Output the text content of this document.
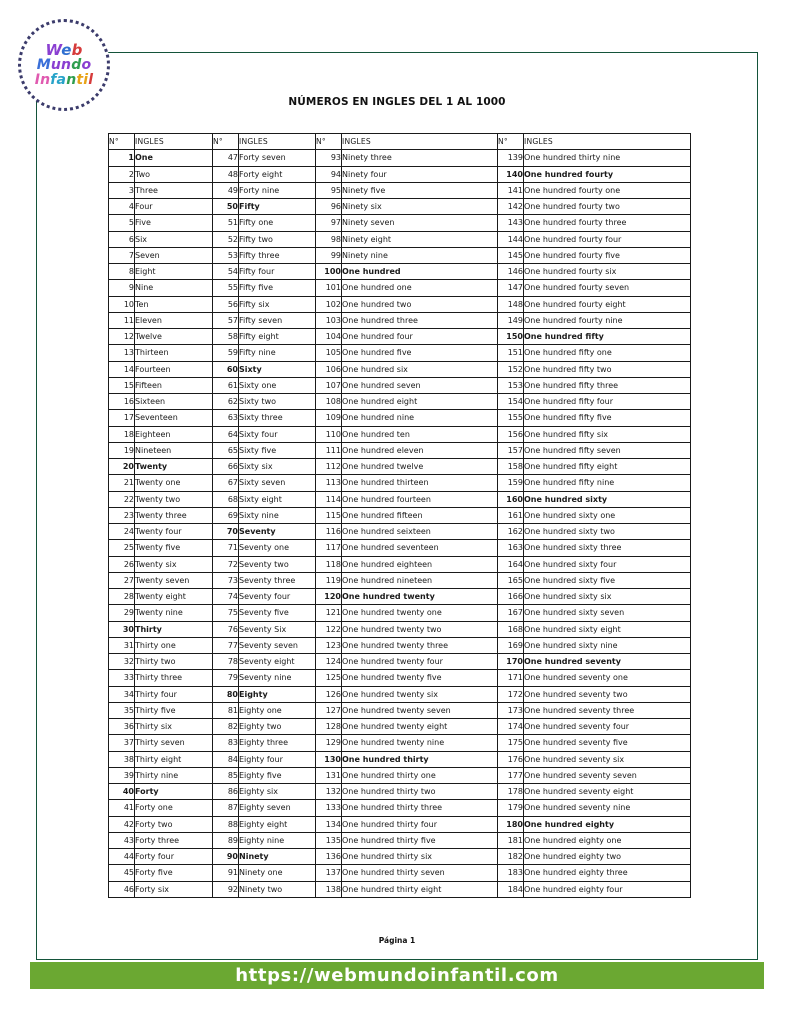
Web
Mundo
Infantil
NÚMEROS EN INGLES DEL 1 AL 1000
N°	INGLES	N°	INGLES	N°	INGLES	N°	INGLES
1	One	47	Forty seven	93	Ninety three	139	One hundred thirty nine
2	Two	48	Forty eight	94	Ninety four	140	One hundred fourty
3	Three	49	Forty nine	95	Ninety five	141	One hundred fourty one
4	Four	50	Fifty	96	Ninety six	142	One hundred fourty two
5	Five	51	Fifty one	97	Ninety seven	143	One hundred fourty three
6	Six	52	Fifty two	98	Ninety eight	144	One hundred fourty four
7	Seven	53	Fifty three	99	Ninety nine	145	One hundred fourty five
8	Eight	54	Fifty four	100	One hundred	146	One hundred fourty six
9	Nine	55	Fifty five	101	One hundred one	147	One hundred fourty seven
10	Ten	56	Fifty six	102	One hundred two	148	One hundred fourty eight
11	Eleven	57	Fifty seven	103	One hundred three	149	One hundred fourty nine
12	Twelve	58	Fifty eight	104	One hundred four	150	One hundred fifty
13	Thirteen	59	Fifty nine	105	One hundred five	151	One hundred fifty one
14	Fourteen	60	Sixty	106	One hundred six	152	One hundred fifty two
15	Fifteen	61	Sixty one	107	One hundred seven	153	One hundred fifty three
16	Sixteen	62	Sixty two	108	One hundred eight	154	One hundred fifty four
17	Seventeen	63	Sixty three	109	One hundred nine	155	One hundred fifty five
18	Eighteen	64	Sixty four	110	One hundred ten	156	One hundred fifty six
19	Nineteen	65	Sixty five	111	One hundred eleven	157	One hundred fifty seven
20	Twenty	66	Sixty six	112	One hundred twelve	158	One hundred fifty eight
21	Twenty one	67	Sixty seven	113	One hundred thirteen	159	One hundred fifty nine
22	Twenty two	68	Sixty eight	114	One hundred fourteen	160	One hundred sixty
23	Twenty three	69	Sixty nine	115	One hundred fifteen	161	One hundred sixty one
24	Twenty four	70	Seventy	116	One hundred seixteen	162	One hundred sixty two
25	Twenty five	71	Seventy one	117	One hundred seventeen	163	One hundred sixty three
26	Twenty six	72	Seventy two	118	One hundred eighteen	164	One hundred sixty four
27	Twenty seven	73	Seventy three	119	One hundred nineteen	165	One hundred sixty five
28	Twenty eight	74	Seventy four	120	One hundred twenty	166	One hundred sixty six
29	Twenty nine	75	Seventy five	121	One hundred twenty one	167	One hundred sixty seven
30	Thirty	76	Seventy Six	122	One hundred twenty two	168	One hundred sixty eight
31	Thirty one	77	Seventy seven	123	One hundred twenty three	169	One hundred sixty nine
32	Thirty two	78	Seventy eight	124	One hundred twenty four	170	One hundred seventy
33	Thirty three	79	Seventy nine	125	One hundred twenty five	171	One hundred seventy one
34	Thirty four	80	Eighty	126	One hundred twenty six	172	One hundred seventy two
35	Thirty five	81	Eighty one	127	One hundred twenty seven	173	One hundred seventy three
36	Thirty six	82	Eighty two	128	One hundred twenty eight	174	One hundred seventy four
37	Thirty seven	83	Eighty three	129	One hundred twenty nine	175	One hundred seventy five
38	Thirty eight	84	Eighty four	130	One hundred thirty	176	One hundred seventy six
39	Thirty nine	85	Eighty five	131	One hundred thirty one	177	One hundred seventy seven
40	Forty	86	Eighty six	132	One hundred thirty two	178	One hundred seventy eight
41	Forty one	87	Eighty seven	133	One hundred thirty three	179	One hundred seventy nine
42	Forty two	88	Eighty eight	134	One hundred thirty four	180	One hundred eighty
43	Forty three	89	Eighty nine	135	One hundred thirty five	181	One hundred eighty one
44	Forty four	90	Ninety	136	One hundred thirty six	182	One hundred eighty two
45	Forty five	91	Ninety one	137	One hundred thirty seven	183	One hundred eighty three
46	Forty six	92	Ninety two	138	One hundred thirty eight	184	One hundred eighty four
Página 1
https://webmundoinfantil.com
